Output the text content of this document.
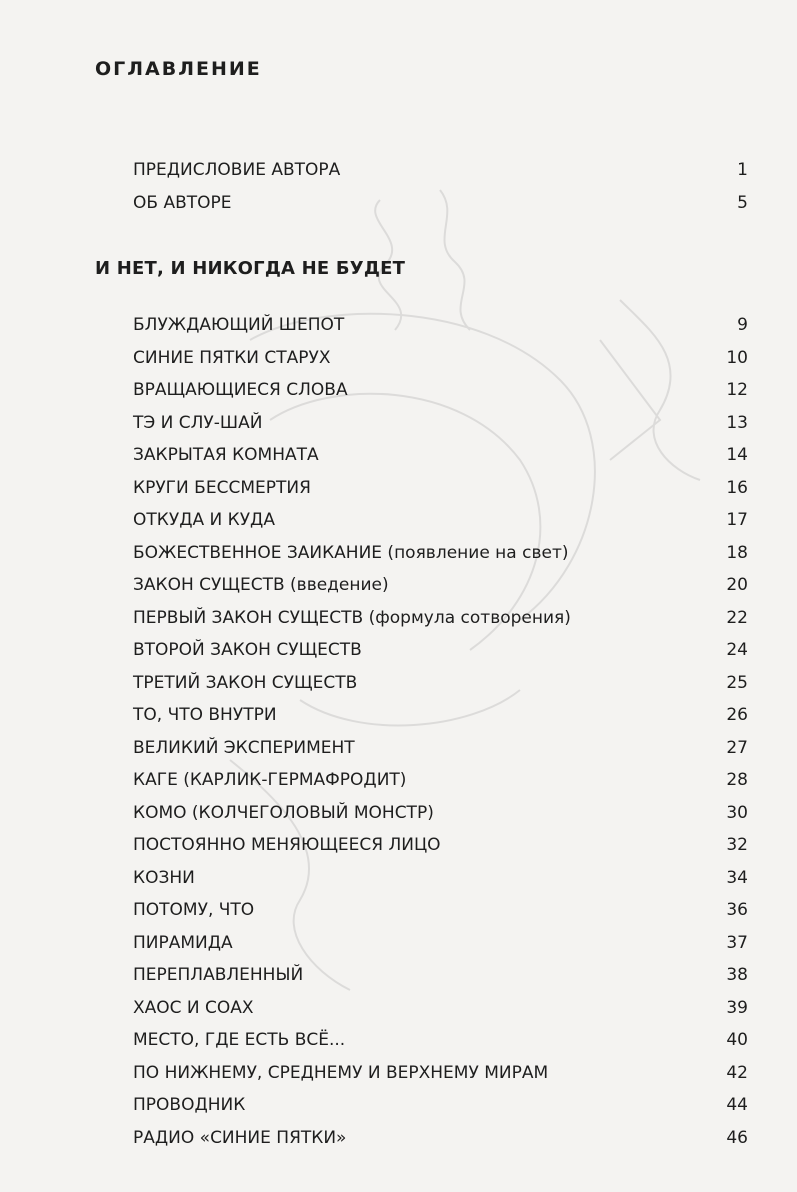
ОГЛАВЛЕНИЕ
ПРЕДИСЛОВИЕ АВТОРА	1
ОБ АВТОРЕ	5
И НЕТ, И НИКОГДА НЕ БУДЕТ
БЛУЖДАЮЩИЙ ШЕПОТ	9
СИНИЕ ПЯТКИ СТАРУХ	10
ВРАЩАЮЩИЕСЯ СЛОВА	12
ТЭ И СЛУ-ШАЙ	13
ЗАКРЫТАЯ КОМНАТА	14
КРУГИ БЕССМЕРТИЯ	16
ОТКУДА И КУДА	17
БОЖЕСТВЕННОЕ ЗАИКАНИЕ (появление на свет)	18
ЗАКОН СУЩЕСТВ (введение)	20
ПЕРВЫЙ ЗАКОН СУЩЕСТВ (формула сотворения)	22
ВТОРОЙ ЗАКОН СУЩЕСТВ	24
ТРЕТИЙ ЗАКОН СУЩЕСТВ	25
ТО, ЧТО ВНУТРИ	26
ВЕЛИКИЙ ЭКСПЕРИМЕНТ	27
КАГЕ (КАРЛИК-ГЕРМАФРОДИТ)	28
КОМО (КОЛЧЕГОЛОВЫЙ МОНСТР)	30
ПОСТОЯННО МЕНЯЮЩЕЕСЯ ЛИЦО	32
КОЗНИ	34
ПОТОМУ, ЧТО	36
ПИРАМИДА	37
ПЕРЕПЛАВЛЕННЫЙ	38
ХАОС И СОАХ	39
МЕСТО, ГДЕ ЕСТЬ ВСЁ...	40
ПО НИЖНЕМУ, СРЕДНЕМУ И ВЕРХНЕМУ МИРАМ	42
ПРОВОДНИК	44
РАДИО «СИНИЕ ПЯТКИ»	46
